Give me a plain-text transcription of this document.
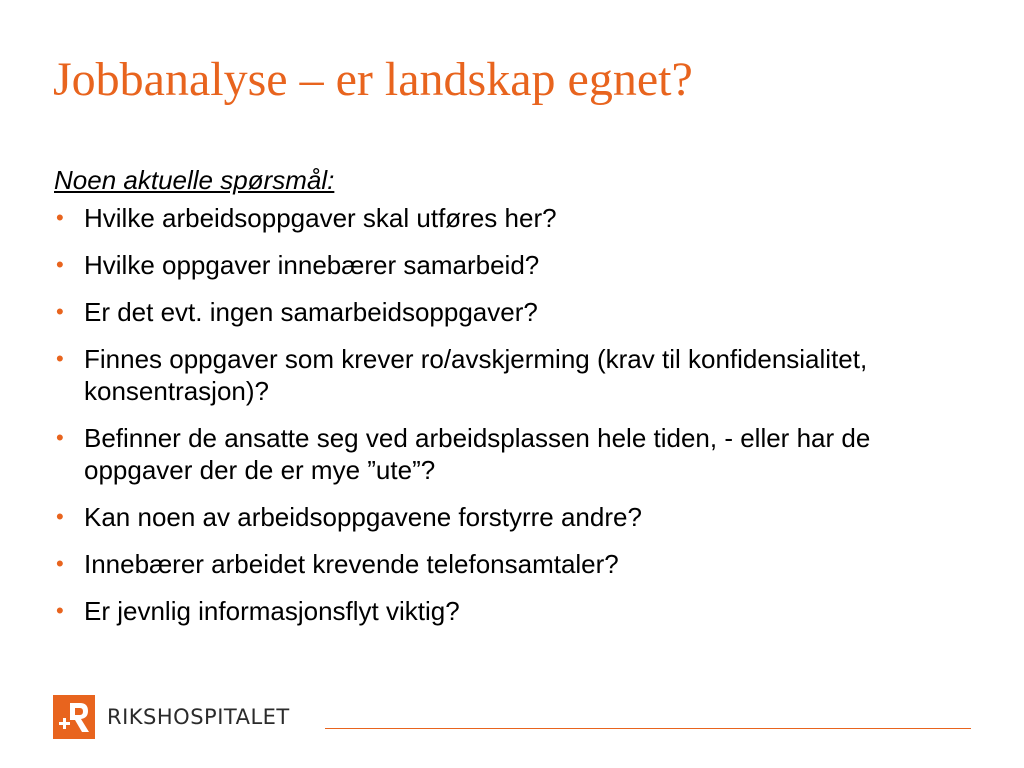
Jobbanalyse – er landskap egnet?

Noen aktuelle spørsmål:

• Hvilke arbeidsoppgaver skal utføres her?
• Hvilke oppgaver innebærer samarbeid?
• Er det evt. ingen samarbeidsoppgaver?
• Finnes oppgaver som krever ro/avskjerming (krav til konfidensialitet, konsentrasjon)?
• Befinner de ansatte seg ved arbeidsplassen hele tiden, - eller har de oppgaver der de er mye ”ute”?
• Kan noen av arbeidsoppgavene forstyrre andre?
• Innebærer arbeidet krevende telefonsamtaler?
• Er jevnlig informasjonsflyt viktig?
RIKSHOSPITALET
